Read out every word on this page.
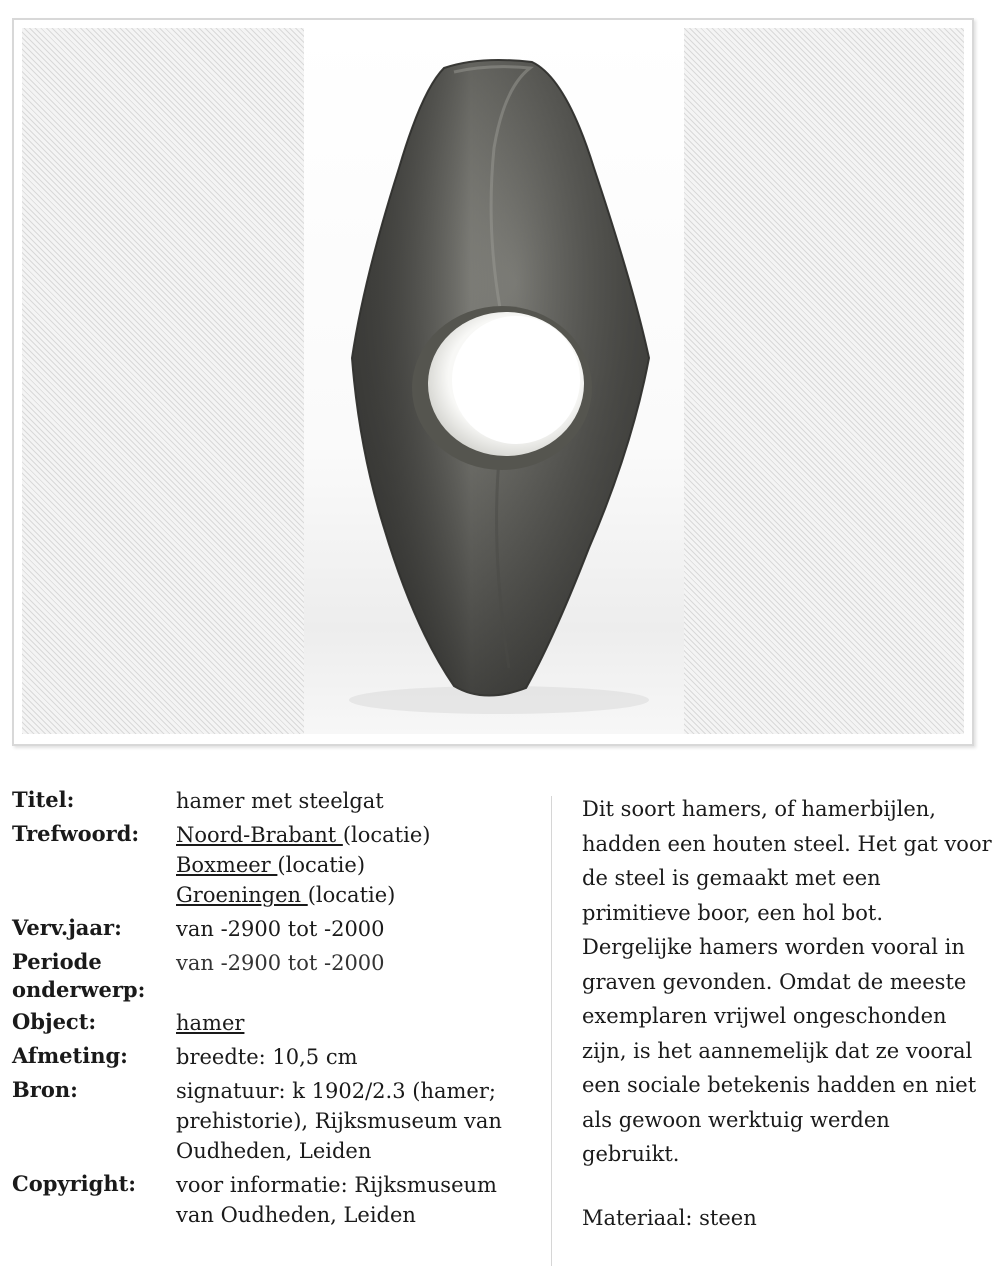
Titel:	hamer met steelgat
Trefwoord:	Noord-Brabant (locatie)
Boxmeer (locatie)
Groeningen (locatie)
Verv.jaar:	van -2900 tot -2000
Periode onderwerp:
van -2900 tot -2000
Object:	hamer
Afmeting:	breedte: 10,5 cm
Bron:	signatuur: k 1902/2.3 (hamer; prehistorie), Rijksmuseum van Oudheden, Leiden
Copyright:	voor informatie: Rijksmuseum van Oudheden, Leiden
Dit soort hamers, of hamerbijlen, hadden een houten steel. Het gat voor de steel is gemaakt met een primitieve boor, een hol bot. Dergelijke hamers worden vooral in graven gevonden. Omdat de meeste exemplaren vrijwel ongeschonden zijn, is het aannemelijk dat ze vooral een sociale betekenis hadden en niet als gewoon werktuig werden gebruikt.
Materiaal: steen
